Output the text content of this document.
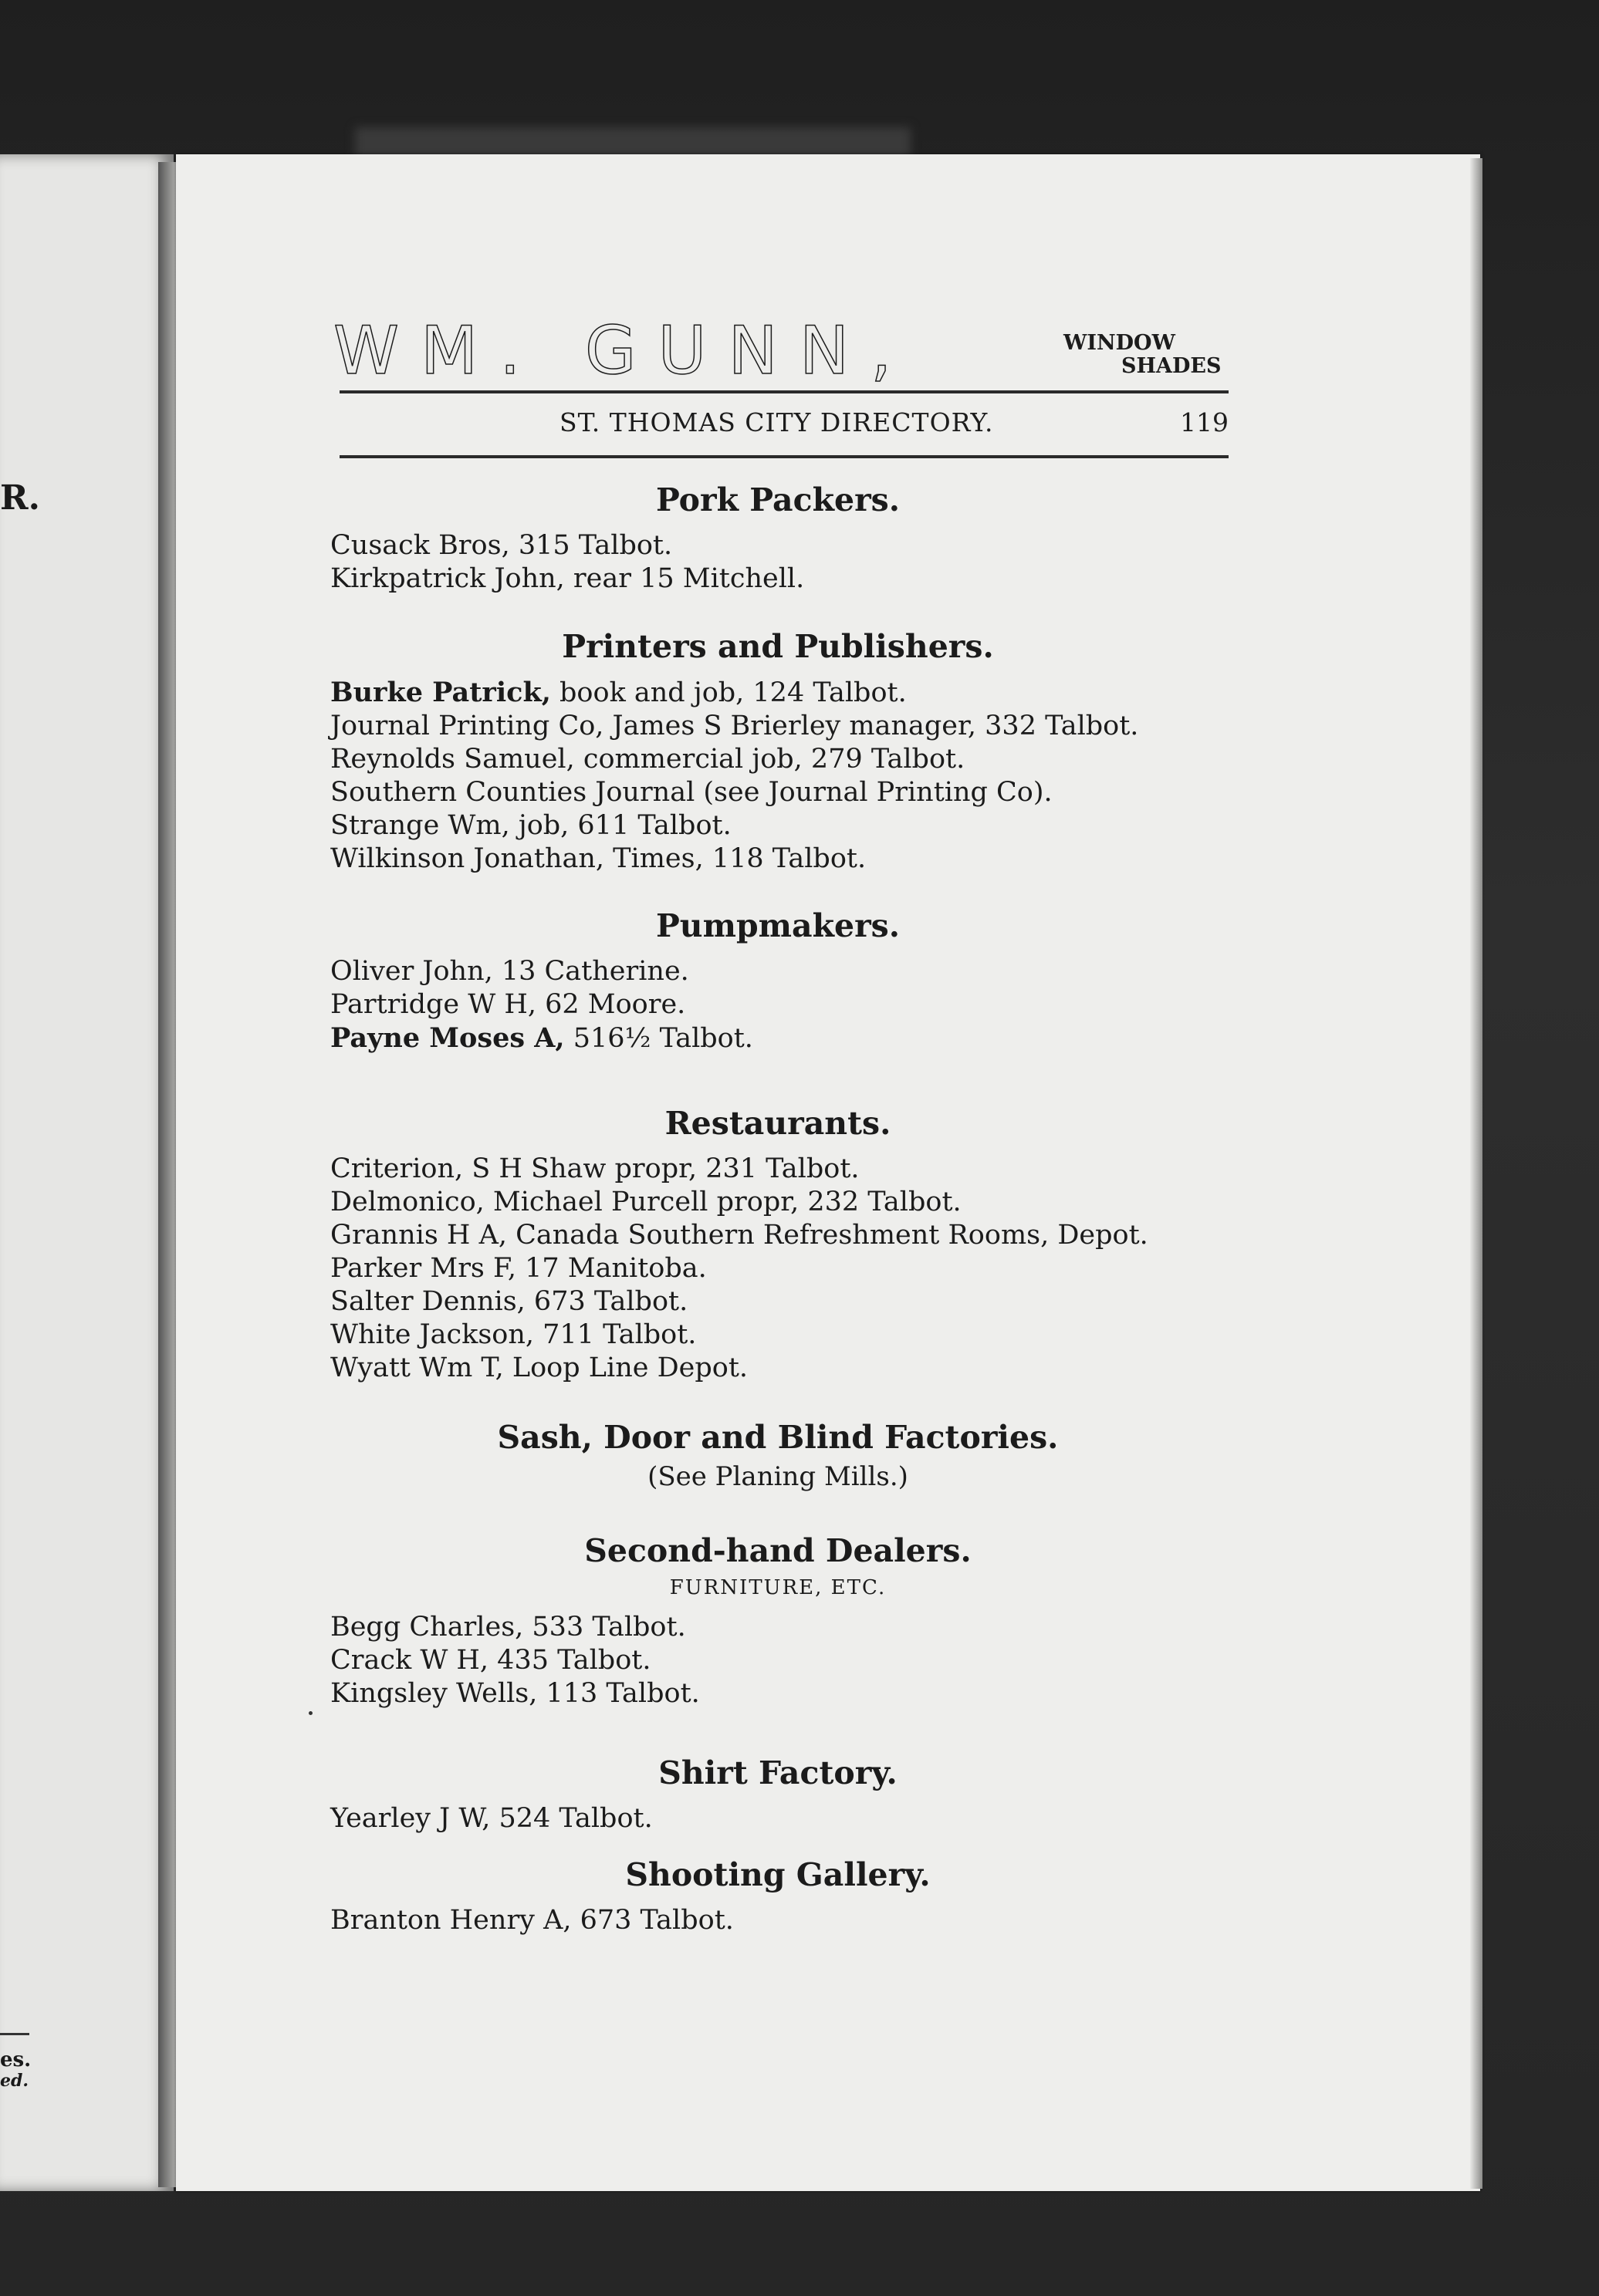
R.
es.
ed.
WM. GUNN,	WINDOW
SHADES
ST. THOMAS CITY DIRECTORY.	119
Pork Packers.
Cusack Bros, 315 Talbot.
Kirkpatrick John, rear 15 Mitchell.
Printers and Publishers.
Burke Patrick, book and job, 124 Talbot.
Journal Printing Co, James S Brierley manager, 332 Talbot.
Reynolds Samuel, commercial job, 279 Talbot.
Southern Counties Journal (see Journal Printing Co).
Strange Wm, job, 611 Talbot.
Wilkinson Jonathan, Times, 118 Talbot.
Pumpmakers.
Oliver John, 13 Catherine.
Partridge W H, 62 Moore.
Payne Moses A, 516½ Talbot.
Restaurants.
Criterion, S H Shaw propr, 231 Talbot.
Delmonico, Michael Purcell propr, 232 Talbot.
Grannis H A, Canada Southern Refreshment Rooms, Depot.
Parker Mrs F, 17 Manitoba.
Salter Dennis, 673 Talbot.
White Jackson, 711 Talbot.
Wyatt Wm T, Loop Line Depot.
Sash, Door and Blind Factories.

(See Planing Mills.)

Second-hand Dealers.

FURNITURE, ETC.

Begg Charles, 533 Talbot.
Crack W H, 435 Talbot.
Kingsley Wells, 113 Talbot.
Shirt Factory.
Yearley J W, 524 Talbot.
Shooting Gallery.
Branton Henry A, 673 Talbot.
